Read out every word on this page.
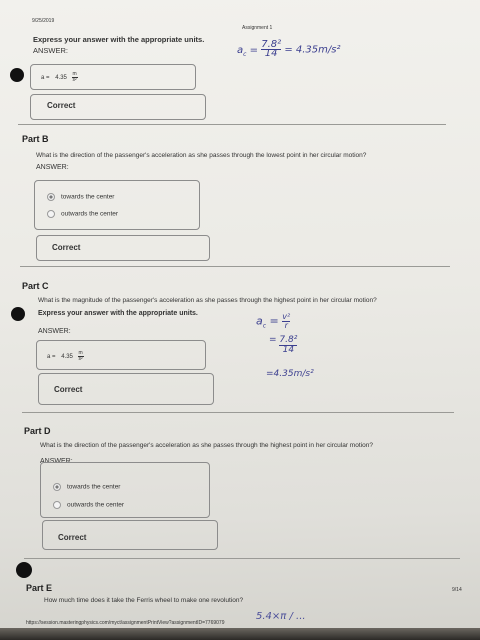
9/25/2019
Assignment 1
Express your answer with the appropriate units.
ANSWER:	$a_c = \frac{\text{7.8²}}{14} = 4.35m/s^2$
$a = 4.35 \frac{m}{\text{s²}}$
Correct
Part B
What is the direction of the passenger's acceleration as she passes through the lowest point in her circular motion?
ANSWER:
towards the center
outwards the center
Correct
Part C
What is the magnitude of the passenger's acceleration as she passes through the highest point in her circular motion?
Express your answer with the appropriate units.
ANSWER:
$a_c = \frac{\text{v²}}{r}$
= $\frac{\text{7.8²}}{14}$
=4.35m/s²
$a = 4.35 \frac{m}{\text{s²}}$
Correct
Part D
What is the direction of the passenger's acceleration as she passes through the highest point in her circular motion?
ANSWER:
towards the center
outwards the center
Correct
Part E
How much time does it take the Ferris wheel to make one revolution?
https://session.masteringphysics.com/myct/assignmentPrintView?assignmentID=7769079
9/14
5.4×π / ...
